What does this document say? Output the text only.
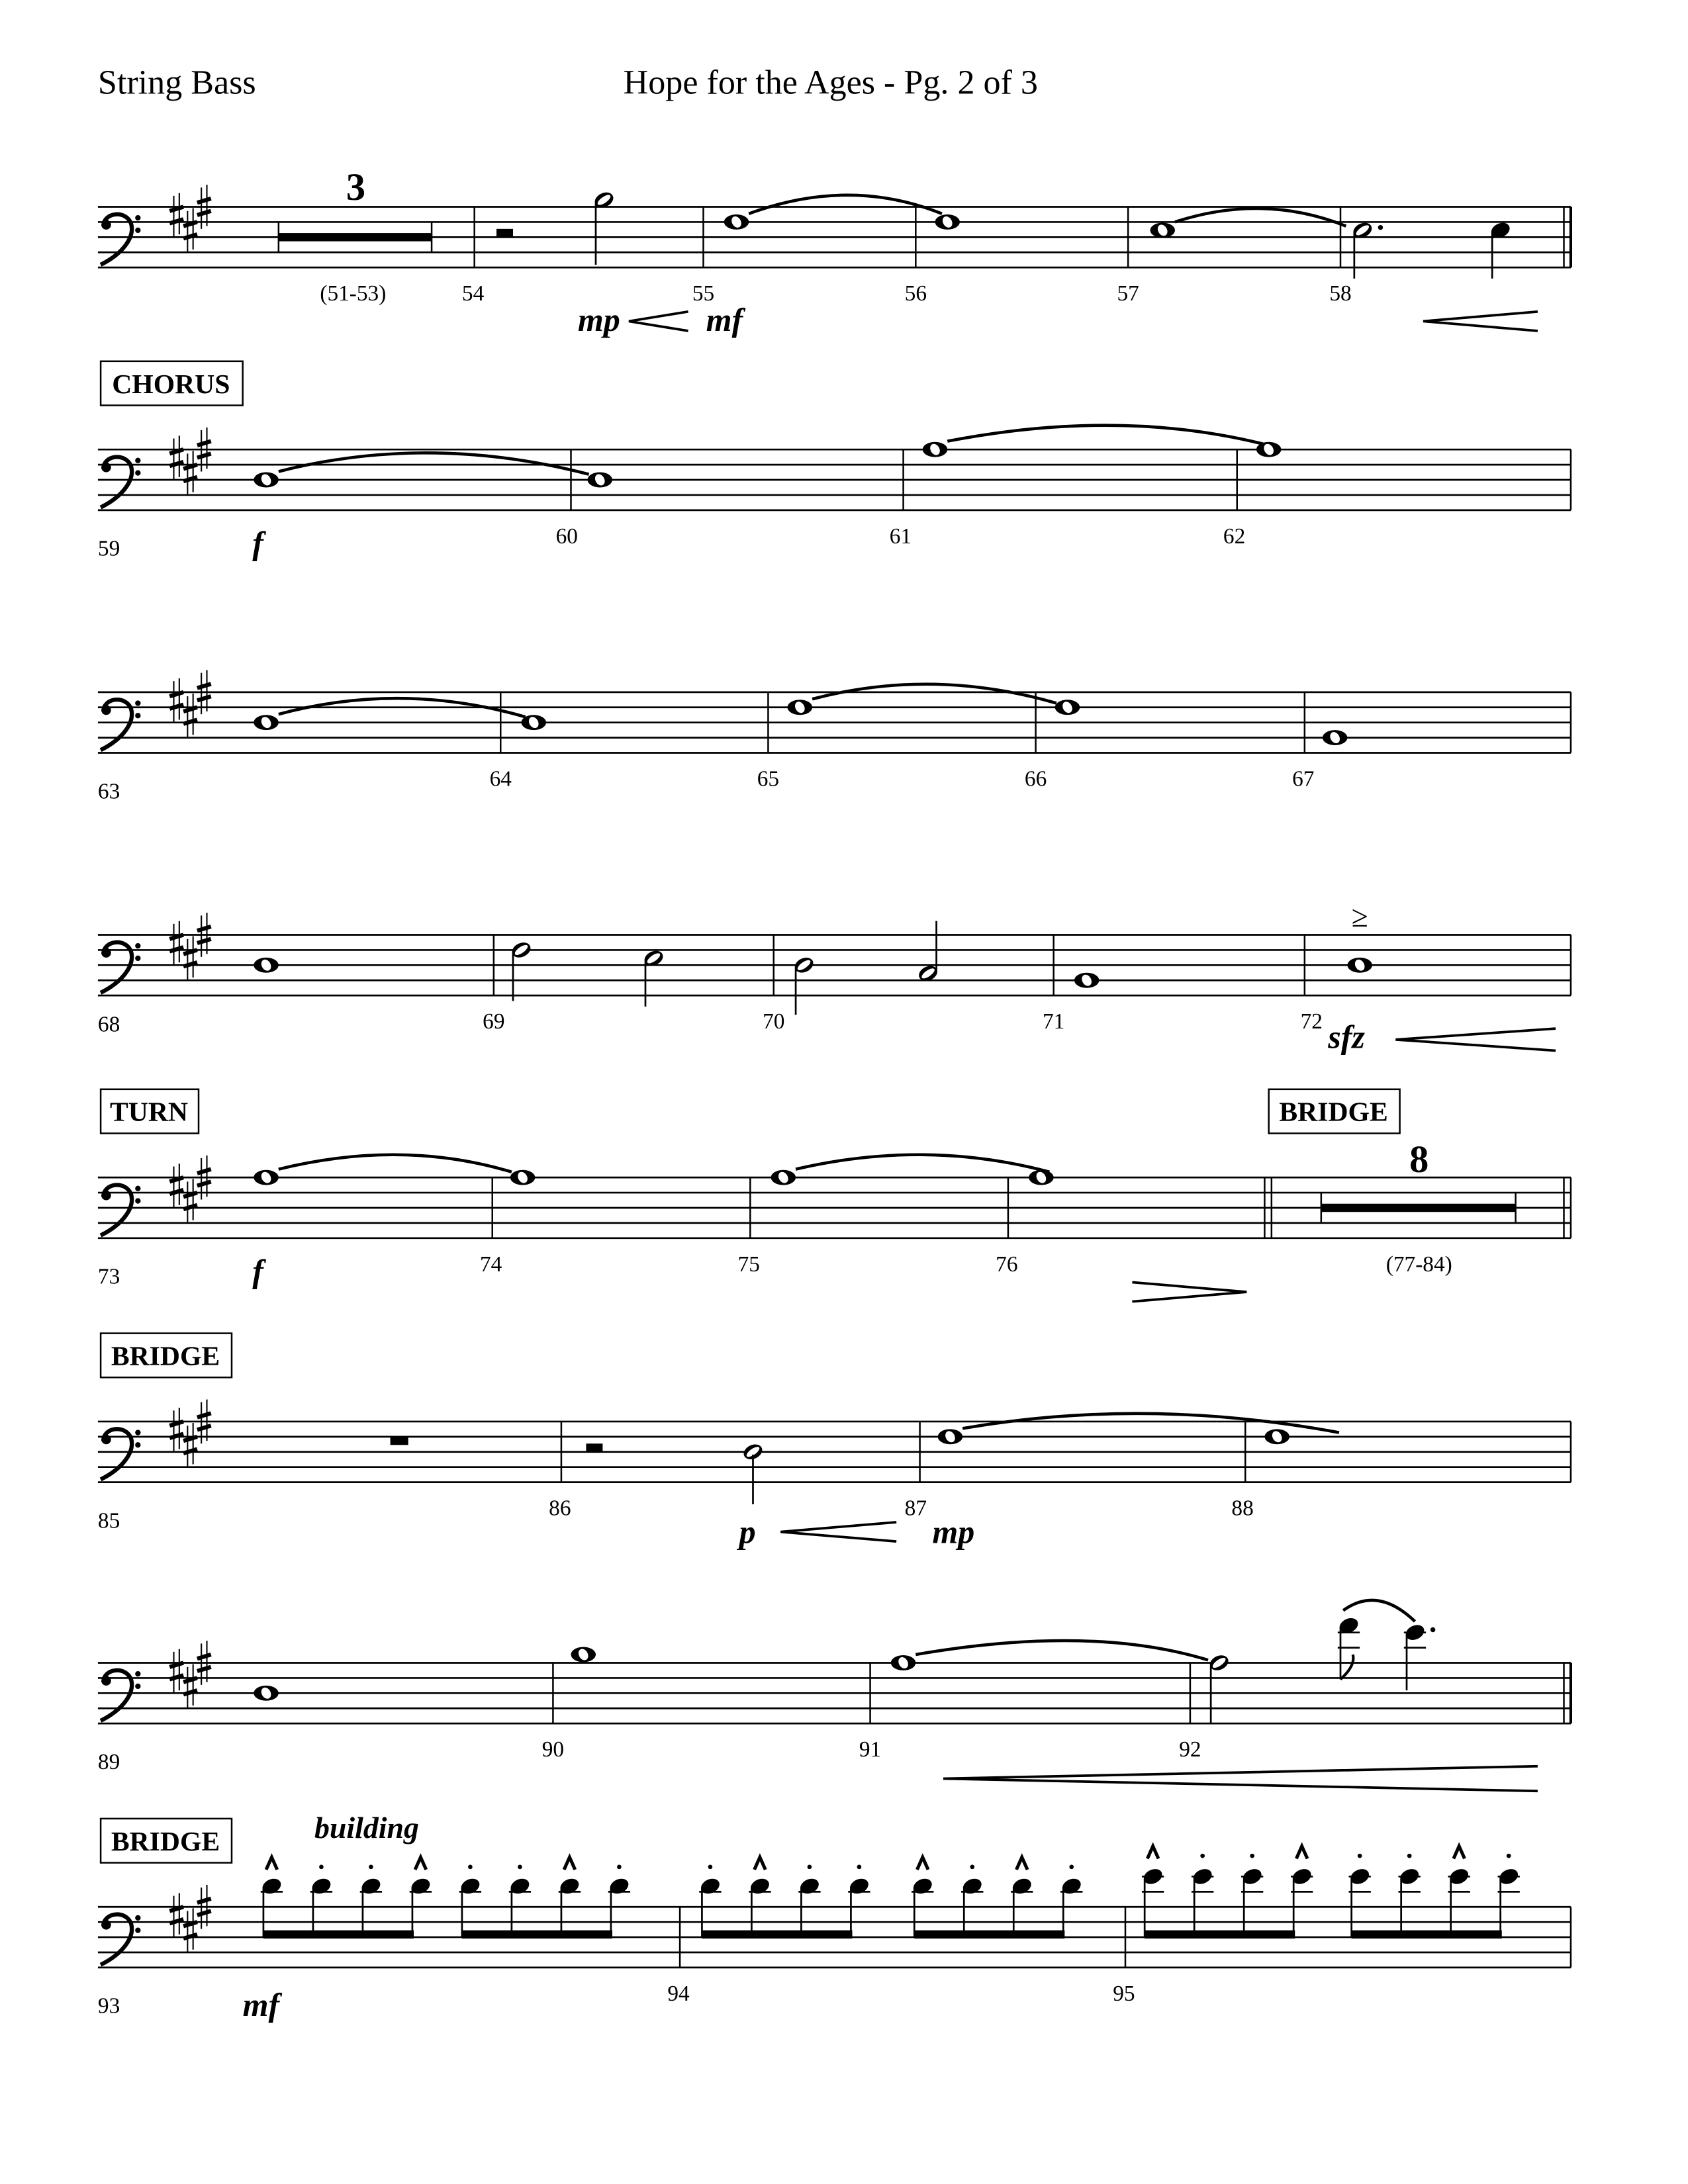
String Bass	Hope for the Ages - Pg. 2 of 3
3
(51-53)	54	55	56	57	58
mp	mf
CHORUS
59	f	60	61	62
63
64	65	66	67
≥
68	69	70	71	72 sfz
TURN	BRIDGE
8
73	f	74	75	76	(77-84)
BRIDGE
85
86	87	88
p	mp
89
90	91	92
BRIDGE	building
93	mf	94	95
